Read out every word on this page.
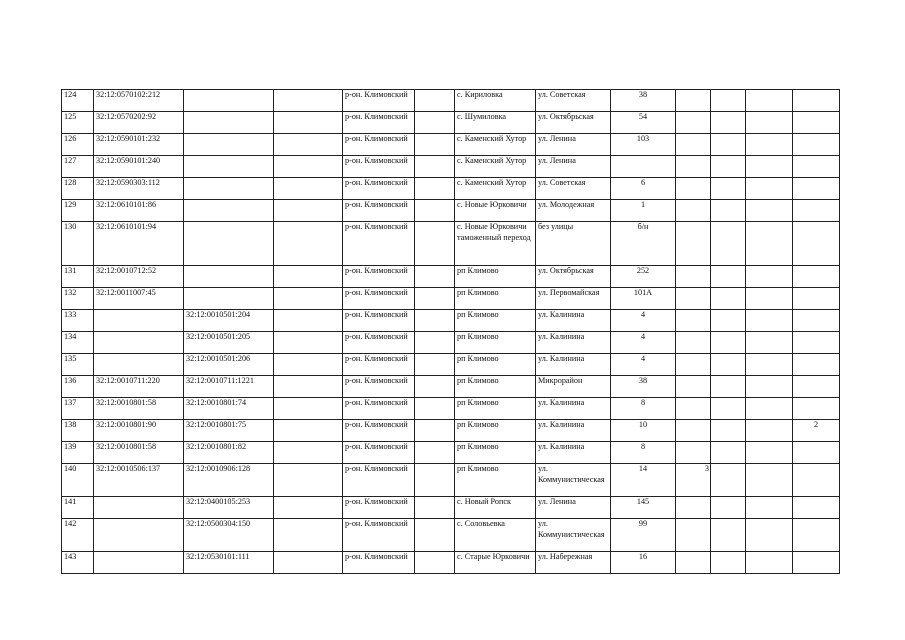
124	32:12:0570102:212			р-он. Климовский		с. Кириловка	ул. Советская	38				
125	32:12:0570202:92			р-он. Климовский		с. Шумиловка	ул. Октябрьская	54				
126	32:12:0590101:232			р-он. Климовский		с. Каменский Хутор	ул. Ленина	103				
127	32:12:0590101:240			р-он. Климовский		с. Каменский Хутор	ул. Ленина					
128	32:12:0590303:112			р-он. Климовский		с. Каменский Хутор	ул. Советская	6				
129	32:12:0610101:86			р-он. Климовский		с. Новые Юрковичи	ул. Молодежная	1				
130	32:12:0610101:94			р-он. Климовский		с. Новые Юрковичи таможенный переход	без улицы	б/н				
131	32:12:0010712:52			р-он. Климовский		рп Климово	ул. Октябрьская	252				
132	32:12:0011007:45			р-он. Климовский		рп Климово	ул. Первомайская	101А				
133		32:12:0010501:204		р-он. Климовский		рп Климово	ул. Калинина	4				
134		32:12:0010501:205		р-он. Климовский		рп Климово	ул. Калинина	4				
135		32:12:0010501:206		р-он. Климовский		рп Климово	ул. Калинина	4				
136	32:12:0010711:220	32:12:0010711:1221		р-он. Климовский		рп Климово	Микрорайон	38				
137	32:12:0010801:58	32:12:0010801:74		р-он. Климовский		рп Климово	ул. Калинина	8				
138	32:12:0010801:90	32:12:0010801:75		р-он. Климовский		рп Климово	ул. Калинина	10				2
139	32:12:0010801:58	32:12:0010801:82		р-он. Климовский		рп Климово	ул. Калинина	8				
140	32:12:0010506:137	32:12:0010906:128		р-он. Климовский		рп Климово	ул. Коммунистическая	14	3			
141		32:12:0400105:253		р-он. Климовский		с. Новый Ропск	ул. Ленина	145				
142		32:12:0500304:150		р-он. Климовский		с. Соловьевка	ул. Коммунистическая	99				
143		32:12:0530101:111		р-он. Климовский		с. Старые Юрковичи	ул. Набережная	16				
